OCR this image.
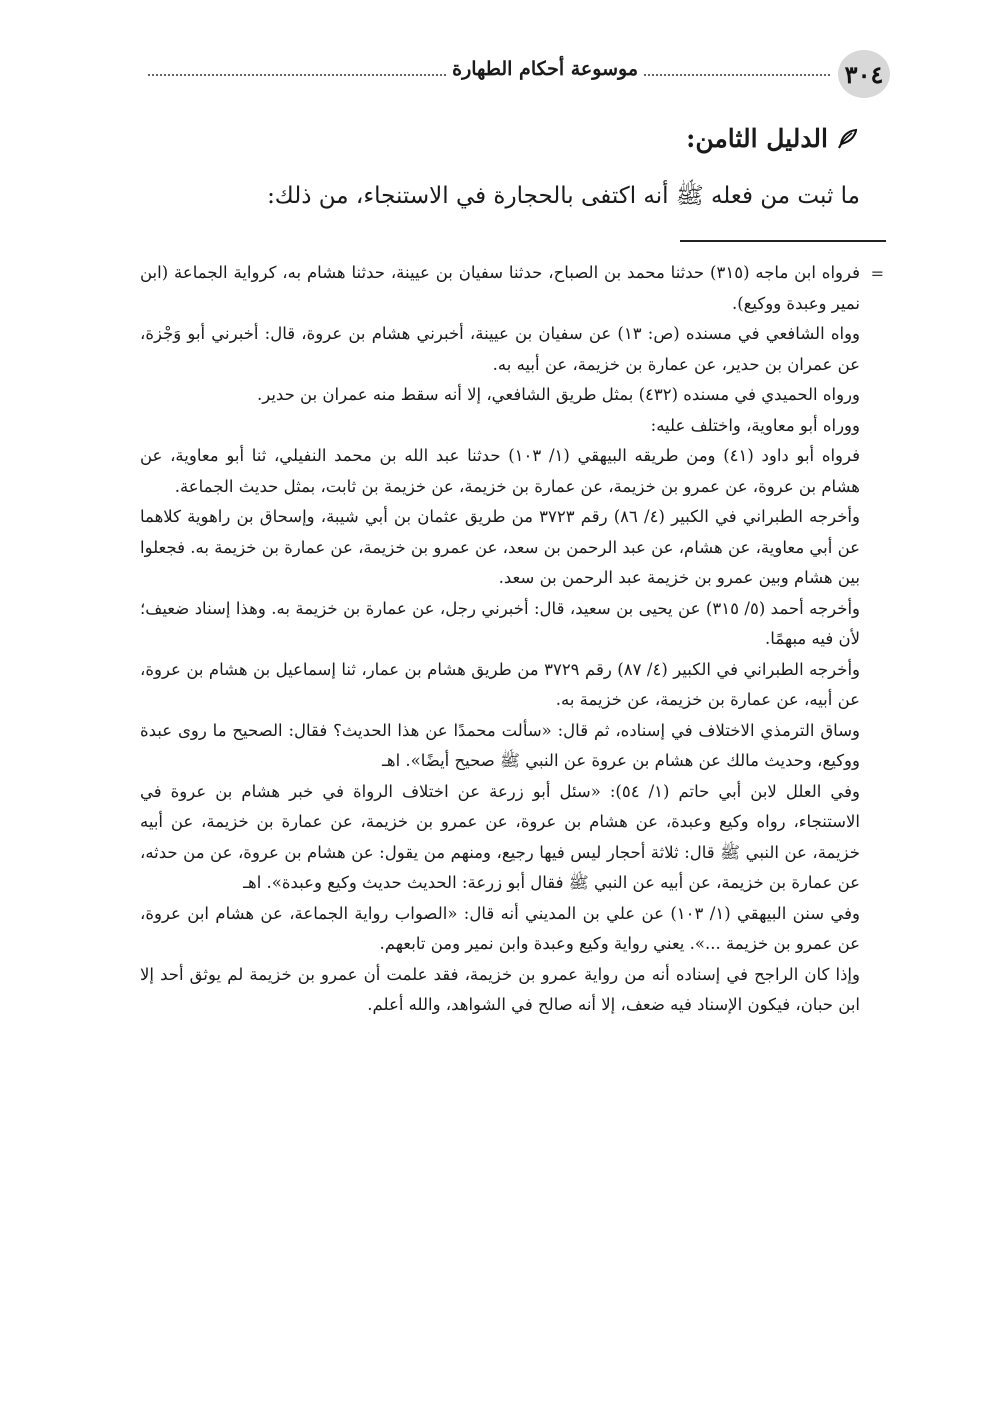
٣٠٤
موسوعة أحكام الطهارة
الدليل الثامن:
ما ثبت من فعله ﷺ أنه اكتفى بالحجارة في الاستنجاء، من ذلك:
=

فرواه ابن ماجه (٣١٥) حدثنا محمد بن الصباح، حدثنا سفيان بن عيينة، حدثنا هشام به، كرواية الجماعة (ابن نمير وعبدة ووكيع).

وواه الشافعي في مسنده (ص: ١٣) عن سفيان بن عيينة، أخبرني هشام بن عروة، قال: أخبرني أبو وَجْزة، عن عمران بن حدير، عن عمارة بن خزيمة، عن أبيه به.

ورواه الحميدي في مسنده (٤٣٢) بمثل طريق الشافعي، إلا أنه سقط منه عمران بن حدير.

ووراه أبو معاوية، واختلف عليه:

فرواه أبو داود (٤١) ومن طريقه البيهقي (١/ ١٠٣) حدثنا عبد الله بن محمد النفيلي، ثنا أبو معاوية، عن هشام بن عروة، عن عمرو بن خزيمة، عن عمارة بن خزيمة، عن خزيمة بن ثابت، بمثل حديث الجماعة.

وأخرجه الطبراني في الكبير (٤/ ٨٦) رقم ٣٧٢٣ من طريق عثمان بن أبي شيبة، وإسحاق بن راهوية كلاهما عن أبي معاوية، عن هشام، عن عبد الرحمن بن سعد، عن عمرو بن خزيمة، عن عمارة بن خزيمة به. فجعلوا بين هشام وبين عمرو بن خزيمة عبد الرحمن بن سعد.

وأخرجه أحمد (٥/ ٣١٥) عن يحيى بن سعيد، قال: أخبرني رجل، عن عمارة بن خزيمة به. وهذا إسناد ضعيف؛ لأن فيه مبهمًا.

وأخرجه الطبراني في الكبير (٤/ ٨٧) رقم ٣٧٢٩ من طريق هشام بن عمار، ثنا إسماعيل بن هشام بن عروة، عن أبيه، عن عمارة بن خزيمة، عن خزيمة به.

وساق الترمذي الاختلاف في إسناده، ثم قال: «سألت محمدًا عن هذا الحديث؟ فقال: الصحيح ما روى عبدة ووكيع، وحديث مالك عن هشام بن عروة عن النبي ﷺ صحيح أيضًا». اهـ

وفي العلل لابن أبي حاتم (١/ ٥٤): «سئل أبو زرعة عن اختلاف الرواة في خبر هشام بن عروة في الاستنجاء، رواه وكيع وعبدة، عن هشام بن عروة، عن عمرو بن خزيمة، عن عمارة بن خزيمة، عن أبيه خزيمة، عن النبي ﷺ قال: ثلاثة أحجار ليس فيها رجيع، ومنهم من يقول: عن هشام بن عروة، عن من حدثه، عن عمارة بن خزيمة، عن أبيه عن النبي ﷺ فقال أبو زرعة: الحديث حديث وكيع وعبدة». اهـ

وفي سنن البيهقي (١/ ١٠٣) عن علي بن المديني أنه قال: «الصواب رواية الجماعة، عن هشام ابن عروة، عن عمرو بن خزيمة ...». يعني رواية وكيع وعبدة وابن نمير ومن تابعهم.

وإذا كان الراجح في إسناده أنه من رواية عمرو بن خزيمة، فقد علمت أن عمرو بن خزيمة لم يوثق أحد إلا ابن حبان، فيكون الإسناد فيه ضعف، إلا أنه صالح في الشواهد، والله أعلم.
